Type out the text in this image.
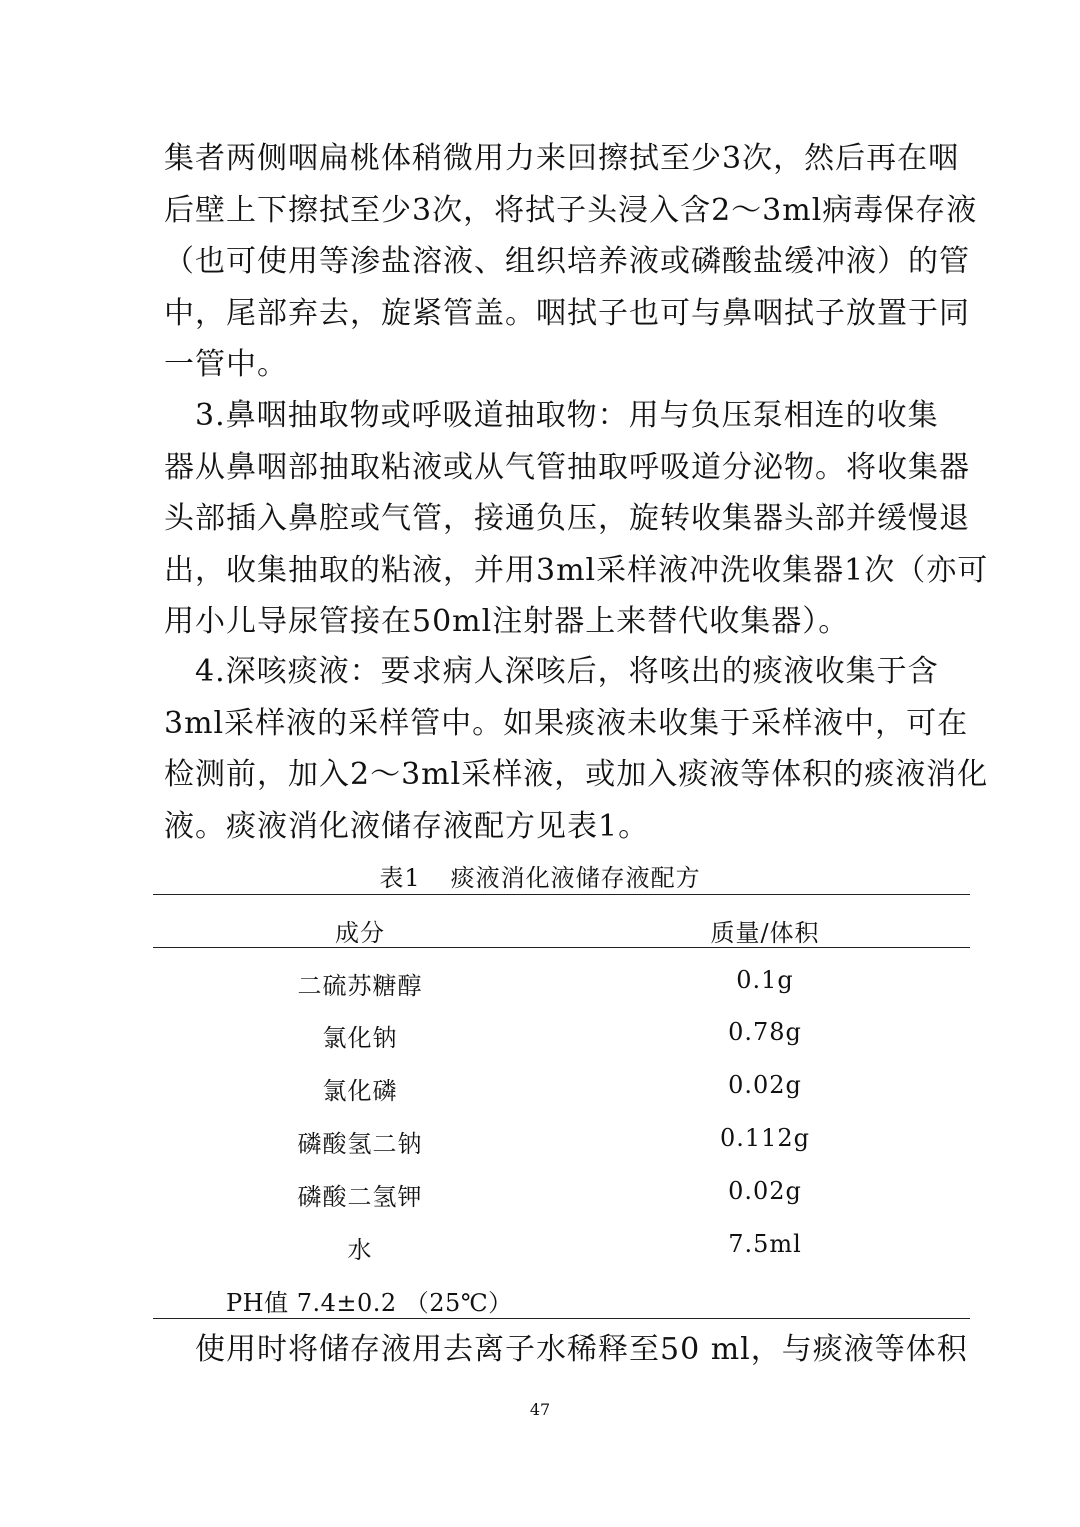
集者两侧咽扁桃体稍微用力来回擦拭至少3次，然后再在咽

后壁上下擦拭至少3次，将拭子头浸入含2～3ml病毒保存液

（也可使用等渗盐溶液、组织培养液或磷酸盐缓冲液）的管

中，尾部弃去，旋紧管盖。咽拭子也可与鼻咽拭子放置于同

一管中。

　3.鼻咽抽取物或呼吸道抽取物：用与负压泵相连的收集

器从鼻咽部抽取粘液或从气管抽取呼吸道分泌物。将收集器

头部插入鼻腔或气管，接通负压，旋转收集器头部并缓慢退

出，收集抽取的粘液，并用3ml采样液冲洗收集器1次（亦可

用小儿导尿管接在50ml注射器上来替代收集器）。

　4.深咳痰液：要求病人深咳后，将咳出的痰液收集于含

3ml采样液的采样管中。如果痰液未收集于采样液中，可在

检测前，加入2～3ml采样液，或加入痰液等体积的痰液消化

液。痰液消化液储存液配方见表1。

表1 痰液消化液储存液配方
成分	质量/体积
二硫苏糖醇	0.1g
氯化钠	0.78g
氯化磷	0.02g
磷酸氢二钠	0.112g
磷酸二氢钾	0.02g
水	7.5ml
PH值 7.4±0.2 （25℃）

　使用时将储存液用去离子水稀释至50 ml，与痰液等体积

47
